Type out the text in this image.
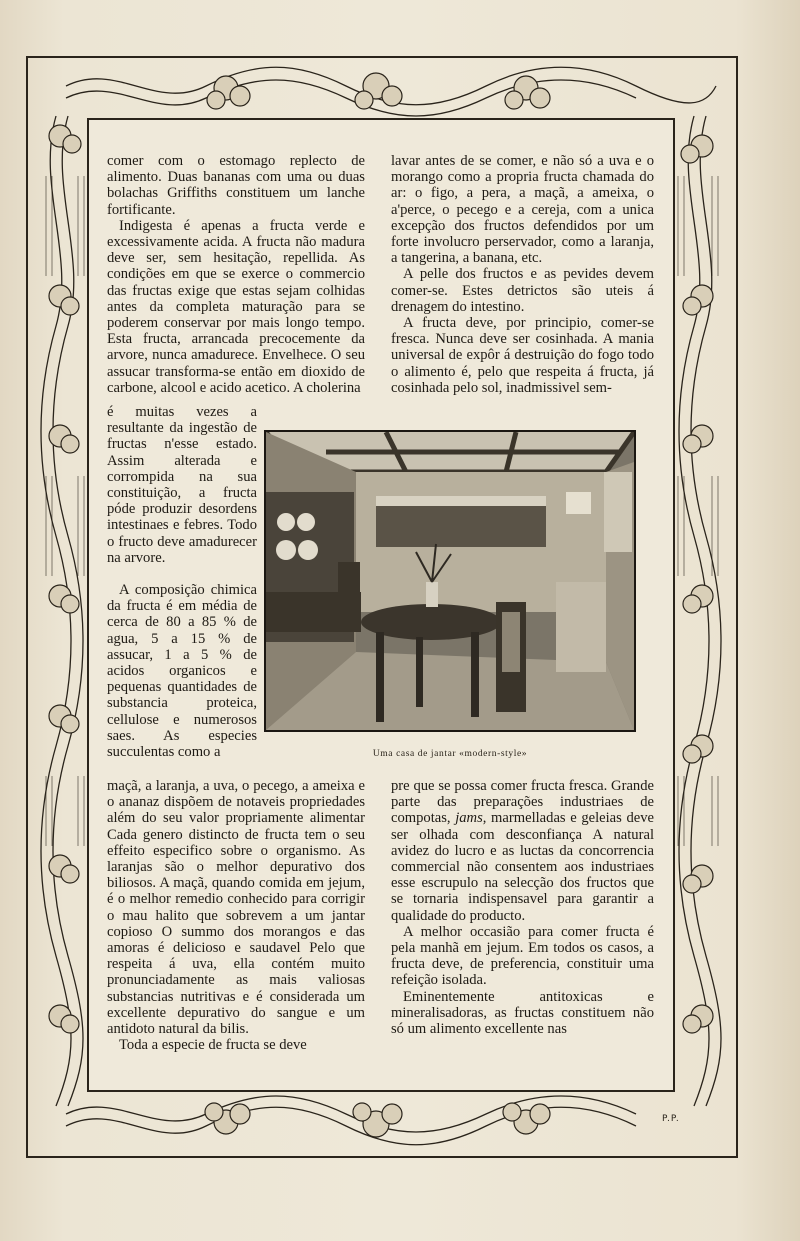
comer com o estomago replecto de alimento. Duas bananas com uma ou duas bolachas Griffiths constituem um lanche fortificante.

Indigesta é apenas a fructa verde e excessivamente acida. A fructa não madura deve ser, sem hesitação, repellida. As condições em que se exerce o commercio das fructas exige que estas sejam colhidas antes da completa maturação para se poderem conservar por mais longo tempo. Esta fructa, arrancada precocemente da arvore, nunca amadurece. Envelhece. O seu assucar transforma-se então em dioxido de carbone, alcool e acido acetico. A cholerina

é muitas vezes a resultante da ingestão de fructas n'esse estado. Assim alterada e corrompida na sua constituição, a fructa póde produzir desordens intestinaes e febres. Todo o fructo deve amadurecer na arvore.

A composição chimica da fructa é em média de cerca de 80 a 85 % de agua, 5 a 15 % de assucar, 1 a 5 % de acidos organicos e pequenas quantidades de substancia proteica, cellulose e numerosos saes. As especies succulentas como a

maçã, a laranja, a uva, o pecego, a ameixa e o ananaz dispõem de notaveis propriedades além do seu valor propriamente alimentar Cada genero distincto de fructa tem o seu effeito especifico sobre o organismo. As laranjas são o melhor depurativo dos biliosos. A maçã, quando comida em jejum, é o melhor remedio conhecido para corrigir o mau halito que sobrevem a um jantar copioso O summo dos morangos e das amoras é delicioso e saudavel Pelo que respeita á uva, ella contém muito pronunciadamente as mais valiosas substancias nutritivas e é considerada um excellente depurativo do sangue e um antidoto natural da bilis.

Toda a especie de fructa se deve

lavar antes de se comer, e não só a uva e o morango como a propria fructa chamada do ar: o figo, a pera, a maçã, a ameixa, o a'perce, o pecego e a cereja, com a unica excepção dos fructos defendidos por um forte involucro perservador, como a laranja, a tangerina, a banana, etc.

A pelle dos fructos e as pevides devem comer-se. Estes detrictos são uteis á drenagem do intestino.

A fructa deve, por principio, comer-se fresca. Nunca deve ser cosinhada. A mania universal de expôr á destruição do fogo todo o alimento é, pelo que respeita á fructa, já cosinhada pelo sol, inadmissivel sem-

Uma casa de jantar «modern-style»

pre que se possa comer fructa fresca. Grande parte das preparações industriaes de compotas, jams, marmelladas e geleias deve ser olhada com desconfiança A natural avidez do lucro e as luctas da concorrencia commercial não consentem aos industriaes esse escrupulo na selecção dos fructos que se tornaria indispensavel para garantir a qualidade do producto.

A melhor occasião para comer fructa é pela manhã em jejum. Em todos os casos, a fructa deve, de preferencia, constituir uma refeição isolada.

Eminentemente antitoxicas e mineralisadoras, as fructas constituem não só um alimento excellente nas

P.P.
